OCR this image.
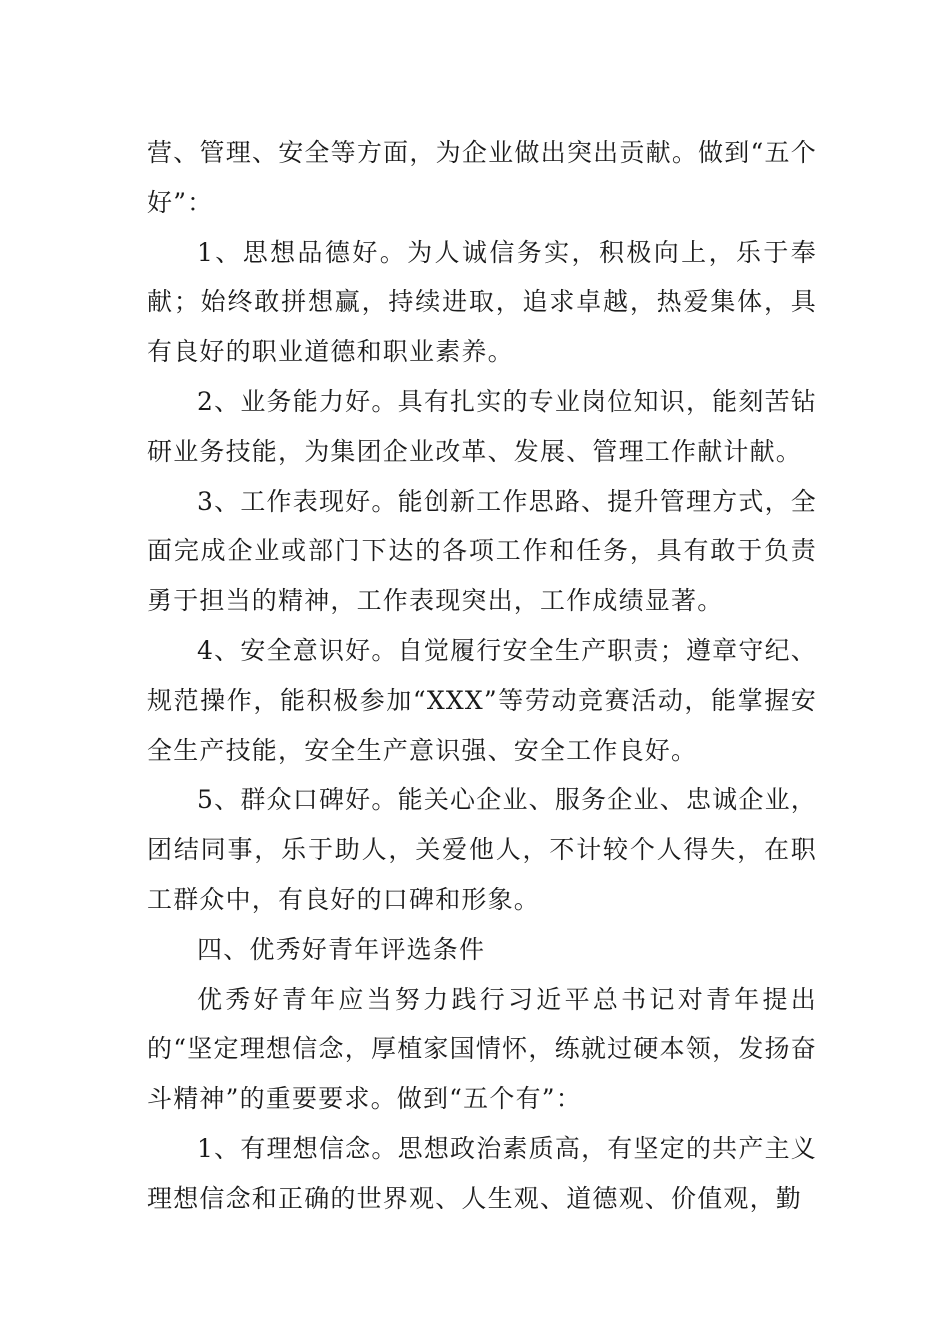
营、管理、安全等方面，为企业做出突出贡献。做到“五个好”：

1、思想品德好。为人诚信务实，积极向上，乐于奉献；始终敢拼想赢，持续进取，追求卓越，热爱集体，具有良好的职业道德和职业素养。

2、业务能力好。具有扎实的专业岗位知识，能刻苦钻研业务技能，为集团企业改革、发展、管理工作献计献。

3、工作表现好。能创新工作思路、提升管理方式，全面完成企业或部门下达的各项工作和任务，具有敢于负责勇于担当的精神，工作表现突出，工作成绩显著。

4、安全意识好。自觉履行安全生产职责；遵章守纪、规范操作，能积极参加“XXX”等劳动竞赛活动，能掌握安全生产技能，安全生产意识强、安全工作良好。

5、群众口碑好。能关心企业、服务企业、忠诚企业，团结同事，乐于助人，关爱他人，不计较个人得失，在职工群众中，有良好的口碑和形象。

四、优秀好青年评选条件

优秀好青年应当努力践行习近平总书记对青年提出的“坚定理想信念，厚植家国情怀，练就过硬本领，发扬奋斗精神”的重要要求。做到“五个有”：

1、有理想信念。思想政治素质高，有坚定的共产主义理想信念和正确的世界观、人生观、道德观、价值观，勤
